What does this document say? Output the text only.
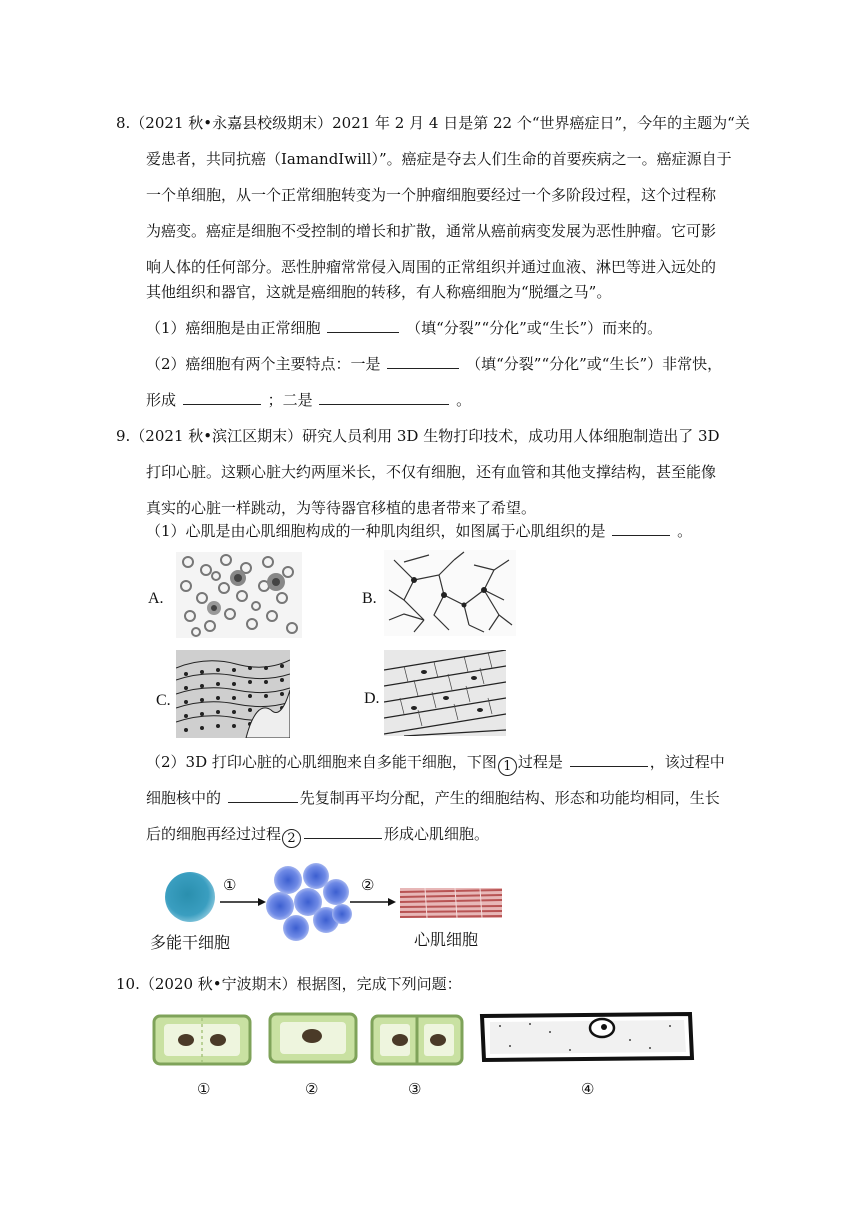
8.（2021 秋•永嘉县校级期末）2021 年 2 月 4 日是第 22 个“世界癌症日”，今年的主题为“关
爱患者，共同抗癌（IamandIwill）”。癌症是夺去人们生命的首要疾病之一。癌症源自于
一个单细胞，从一个正常细胞转变为一个肿瘤细胞要经过一个多阶段过程，这个过程称
为癌变。癌症是细胞不受控制的增长和扩散，通常从癌前病变发展为恶性肿瘤。它可影
响人体的任何部分。恶性肿瘤常常侵入周围的正常组织并通过血液、淋巴等进入远处的
其他组织和器官，这就是癌细胞的转移，有人称癌细胞为“脱缰之马”。
（1）癌细胞是由正常细胞	（填“分裂”“分化”或“生长”）而来的。
（2）癌细胞有两个主要特点：一是	（填“分裂”“分化”或“生长”）非常快，
形成	；二是	。
9.（2021 秋•滨江区期末）研究人员利用 3D 生物打印技术，成功用人体细胞制造出了 3D
打印心脏。这颗心脏大约两厘米长，不仅有细胞，还有血管和其他支撑结构，甚至能像
真实的心脏一样跳动，为等待器官移植的患者带来了希望。
（1）心肌是由心肌细胞构成的一种肌肉组织，如图属于心肌组织的是	。
A.	B.
C.	D.
（2）3D 打印心脏的心肌细胞来自多能干细胞，下图 1 过程是	，该过程中
细胞核中的	先复制再平均分配，产生的细胞结构、形态和功能均相同，生长
后的细胞再经过过程 2	形成心肌细胞。
①	②
多能干细胞	心肌细胞
10.（2020 秋•宁波期末）根据图，完成下列问题：
①	②	③	④
